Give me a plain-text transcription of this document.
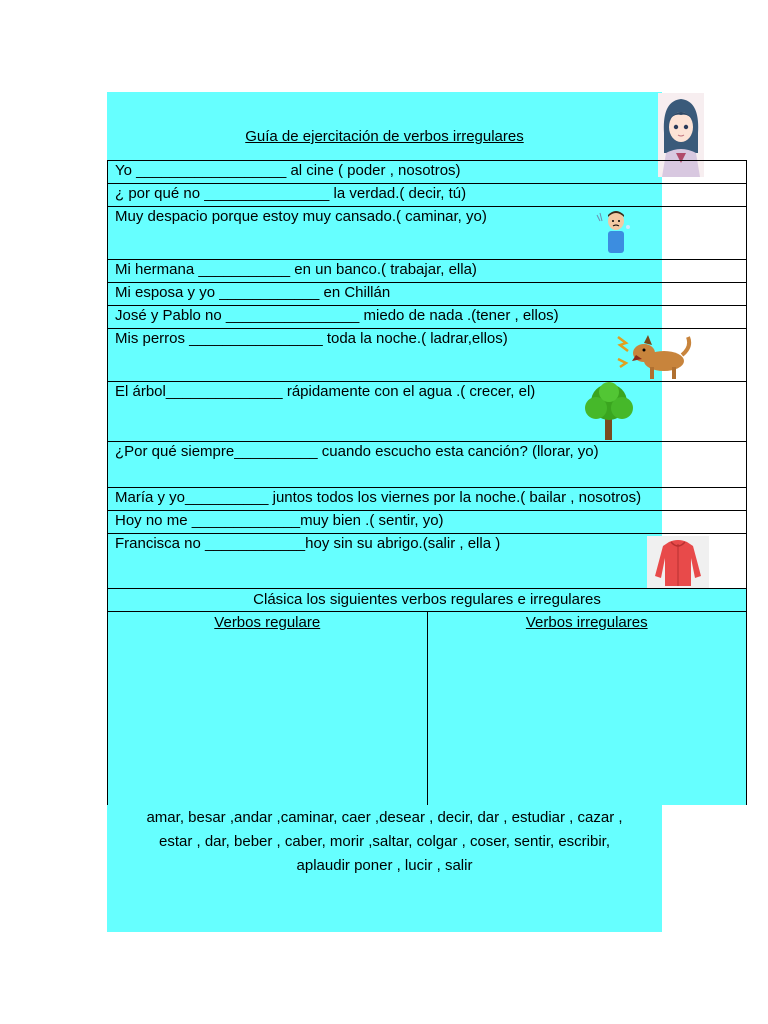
Guía de ejercitación de verbos irregulares
Yo __________________ al cine ( poder , nosotros)
¿ por qué no _______________ la verdad.( decir, tú)
Muy despacio porque estoy muy cansado.( caminar, yo)

Mi hermana ___________ en un banco.( trabajar, ella)
Mi esposa y yo ____________ en Chillán
José y Pablo no ________________ miedo de nada .(tener , ellos)
Mis perros ________________ toda la noche.( ladrar,ellos)

El árbol______________ rápidamente con el agua .( crecer, el)

¿Por qué siempre__________ cuando escucho esta canción? (llorar, yo)
María y yo__________ juntos todos los viernes por la noche.( bailar , nosotros)
Hoy no me _____________muy bien .( sentir, yo)
Francisca no ____________hoy sin su abrigo.(salir , ella )
Clásica los siguientes verbos regulares e irregulares
Verbos regulare	Verbos irregulares
amar, besar ,andar ,caminar, caer ,desear , decir, dar , estudiar , cazar ,
estar , dar, beber , caber, morir ,saltar, colgar , coser, sentir, escribir,
aplaudir poner , lucir , salir
